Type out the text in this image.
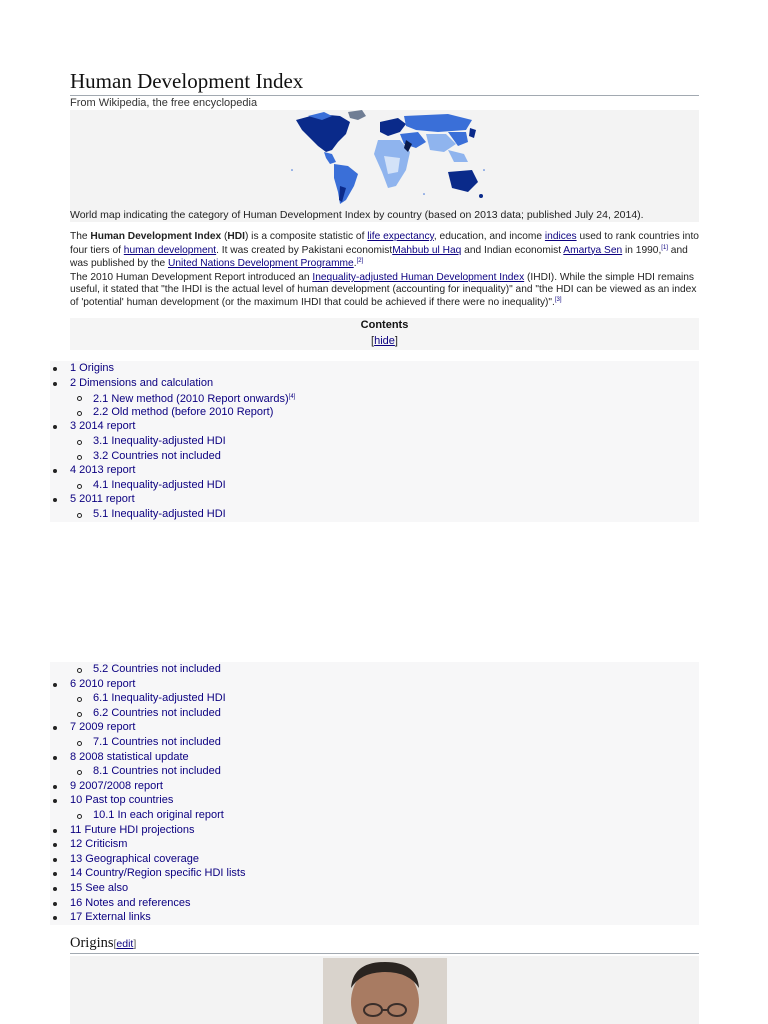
Human Development Index
From Wikipedia, the free encyclopedia
World map indicating the category of Human Development Index by country (based on 2013 data; published July 24, 2014).
The Human Development Index (HDI) is a composite statistic of life expectancy, education, and income indices used to rank countries into four tiers of human development. It was created by Pakistani economistMahbub ul Haq and Indian economist Amartya Sen in 1990,[1] and was published by the United Nations Development Programme.[2]
The 2010 Human Development Report introduced an Inequality-adjusted Human Development Index (IHDI). While the simple HDI remains useful, it stated that "the IHDI is the actual level of human development (accounting for inequality)" and "the HDI can be viewed as an index of 'potential' human development (or the maximum IHDI that could be achieved if there were no inequality)".[3]
Contents
[hide]
1 Origins
2 Dimensions and calculation
2.1 New method (2010 Report onwards)[4]
2.2 Old method (before 2010 Report)
3 2014 report
3.1 Inequality-adjusted HDI
3.2 Countries not included
4 2013 report
4.1 Inequality-adjusted HDI
5 2011 report
5.1 Inequality-adjusted HDI
5.2 Countries not included
6 2010 report
6.1 Inequality-adjusted HDI
6.2 Countries not included
7 2009 report
7.1 Countries not included
8 2008 statistical update
8.1 Countries not included
9 2007/2008 report
10 Past top countries
10.1 In each original report
11 Future HDI projections
12 Criticism
13 Geographical coverage
14 Country/Region specific HDI lists
15 See also
16 Notes and references
17 External links
Origins[edit]
